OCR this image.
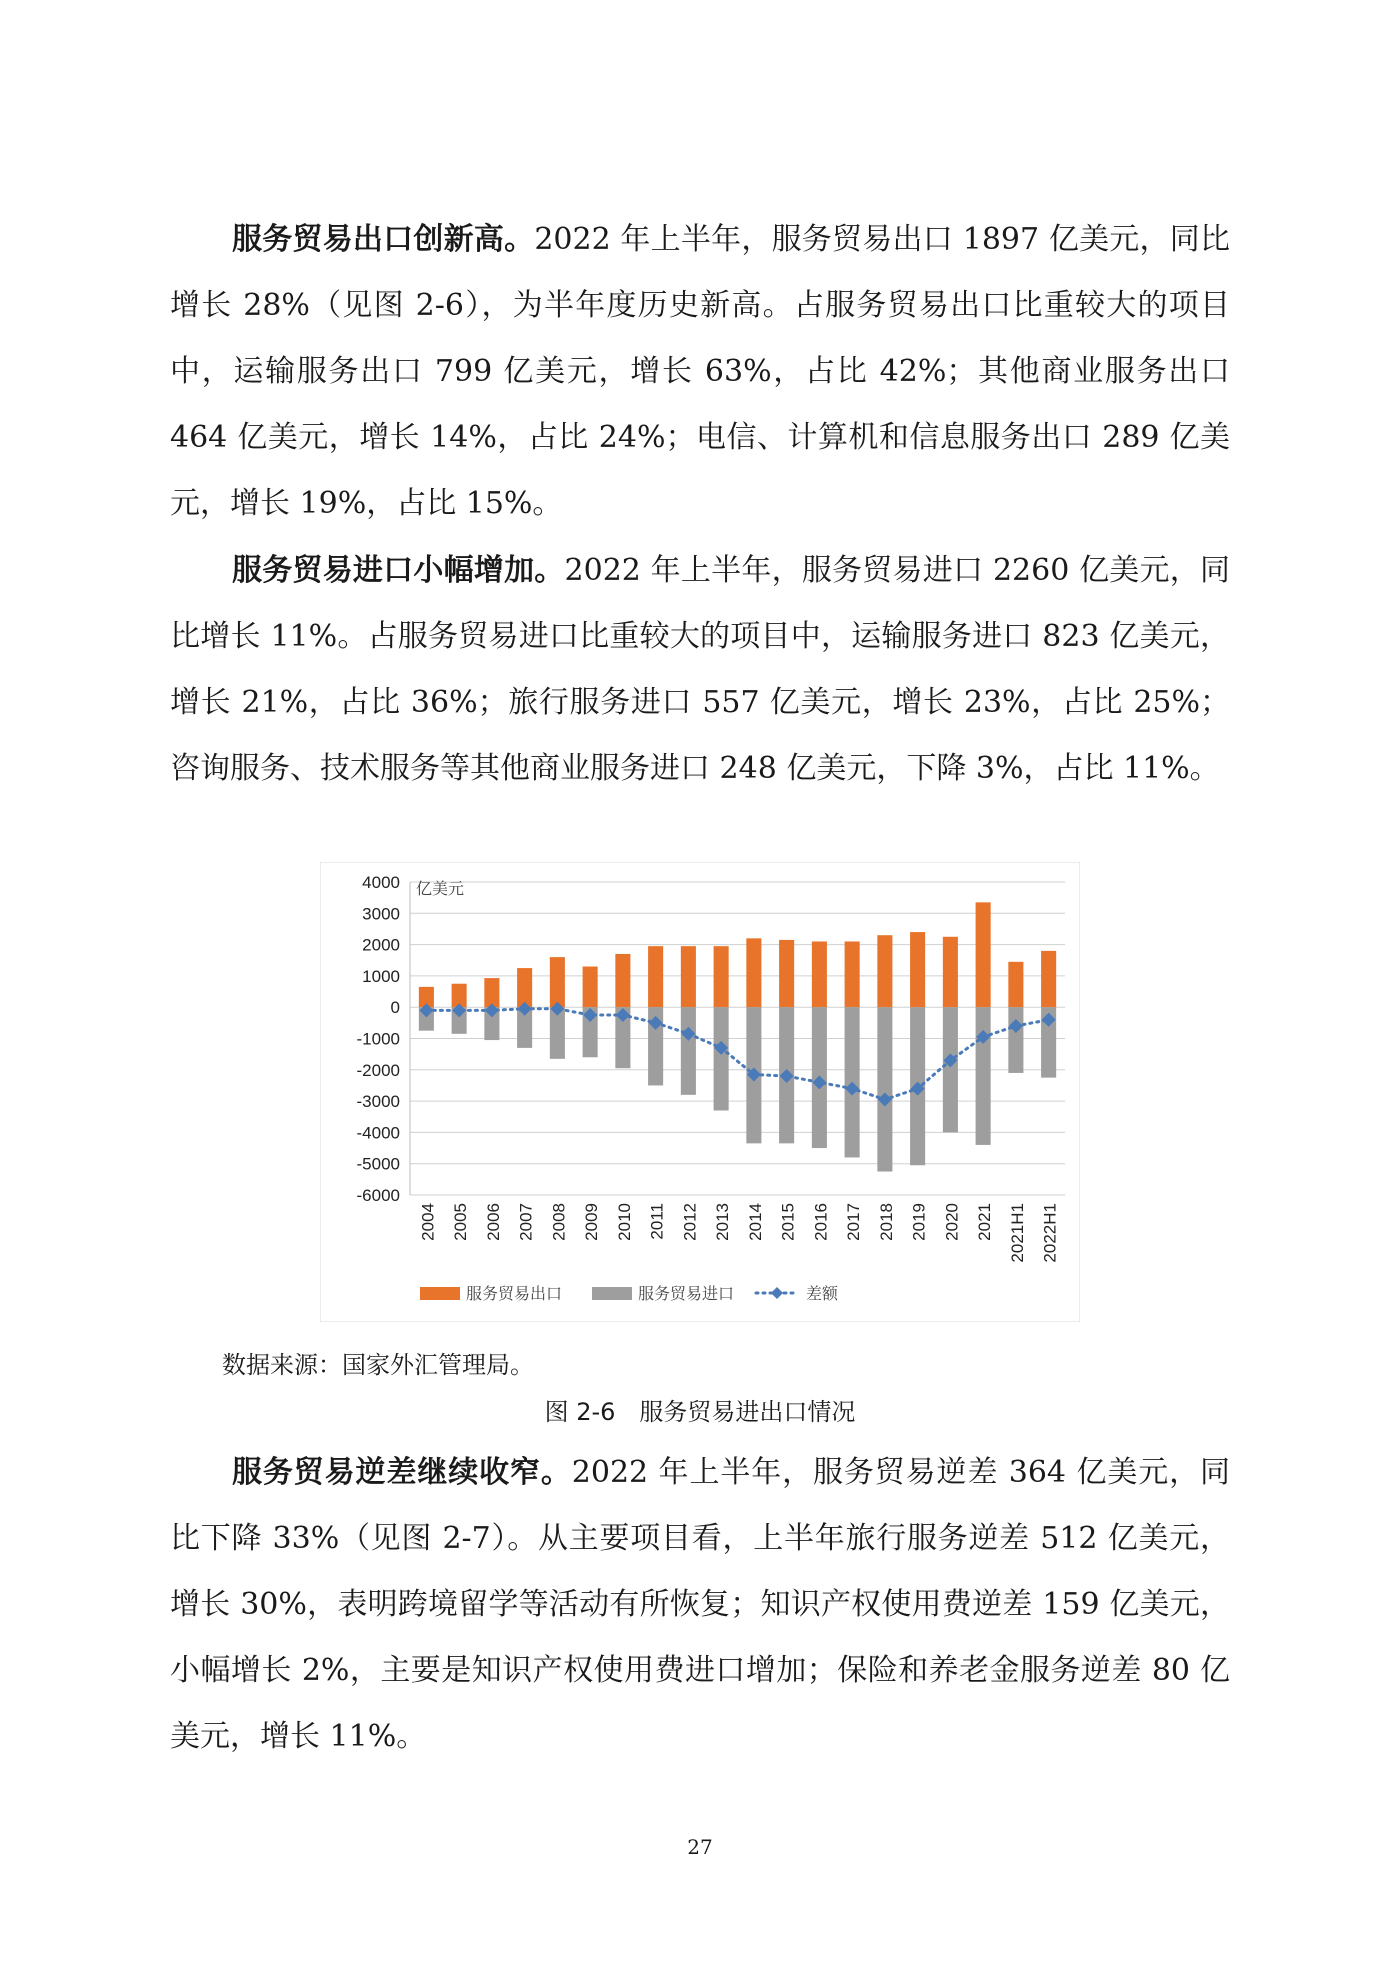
服务贸易出口创新高。2022 年上半年，服务贸易出口 1897 亿美元，同比增长 28%（见图 2-6），为半年度历史新高。占服务贸易出口比重较大的项目中，运输服务出口 799 亿美元，增长 63%，占比 42%；其他商业服务出口 464 亿美元，增长 14%，占比 24%；电信、计算机和信息服务出口 289 亿美元，增长 19%，占比 15%。

服务贸易进口小幅增加。2022 年上半年，服务贸易进口 2260 亿美元，同比增长 11%。占服务贸易进口比重较大的项目中，运输服务进口 823 亿美元，增长 21%，占比 36%；旅行服务进口 557 亿美元，增长 23%，占比 25%；咨询服务、技术服务等其他商业服务进口 248 亿美元，下降 3%，占比 11%。

4000
3000
2000
1000
0
-1000
-2000
-3000
-4000
-5000
-6000
亿美元
2004 2005 2006 2007 2008 2009 2010 2011 2012 2013 2014 2015 2016 2017 2018 2019 2020 2021 2021H1 2022H1
服务贸易出口	服务贸易进口	差额
数据来源：国家外汇管理局。
图 2-6　服务贸易进出口情况

服务贸易逆差继续收窄。2022 年上半年，服务贸易逆差 364 亿美元，同比下降 33%（见图 2-7）。从主要项目看，上半年旅行服务逆差 512 亿美元，增长 30%，表明跨境留学等活动有所恢复；知识产权使用费逆差 159 亿美元，小幅增长 2%，主要是知识产权使用费进口增加；保险和养老金服务逆差 80 亿美元，增长 11%。

27
